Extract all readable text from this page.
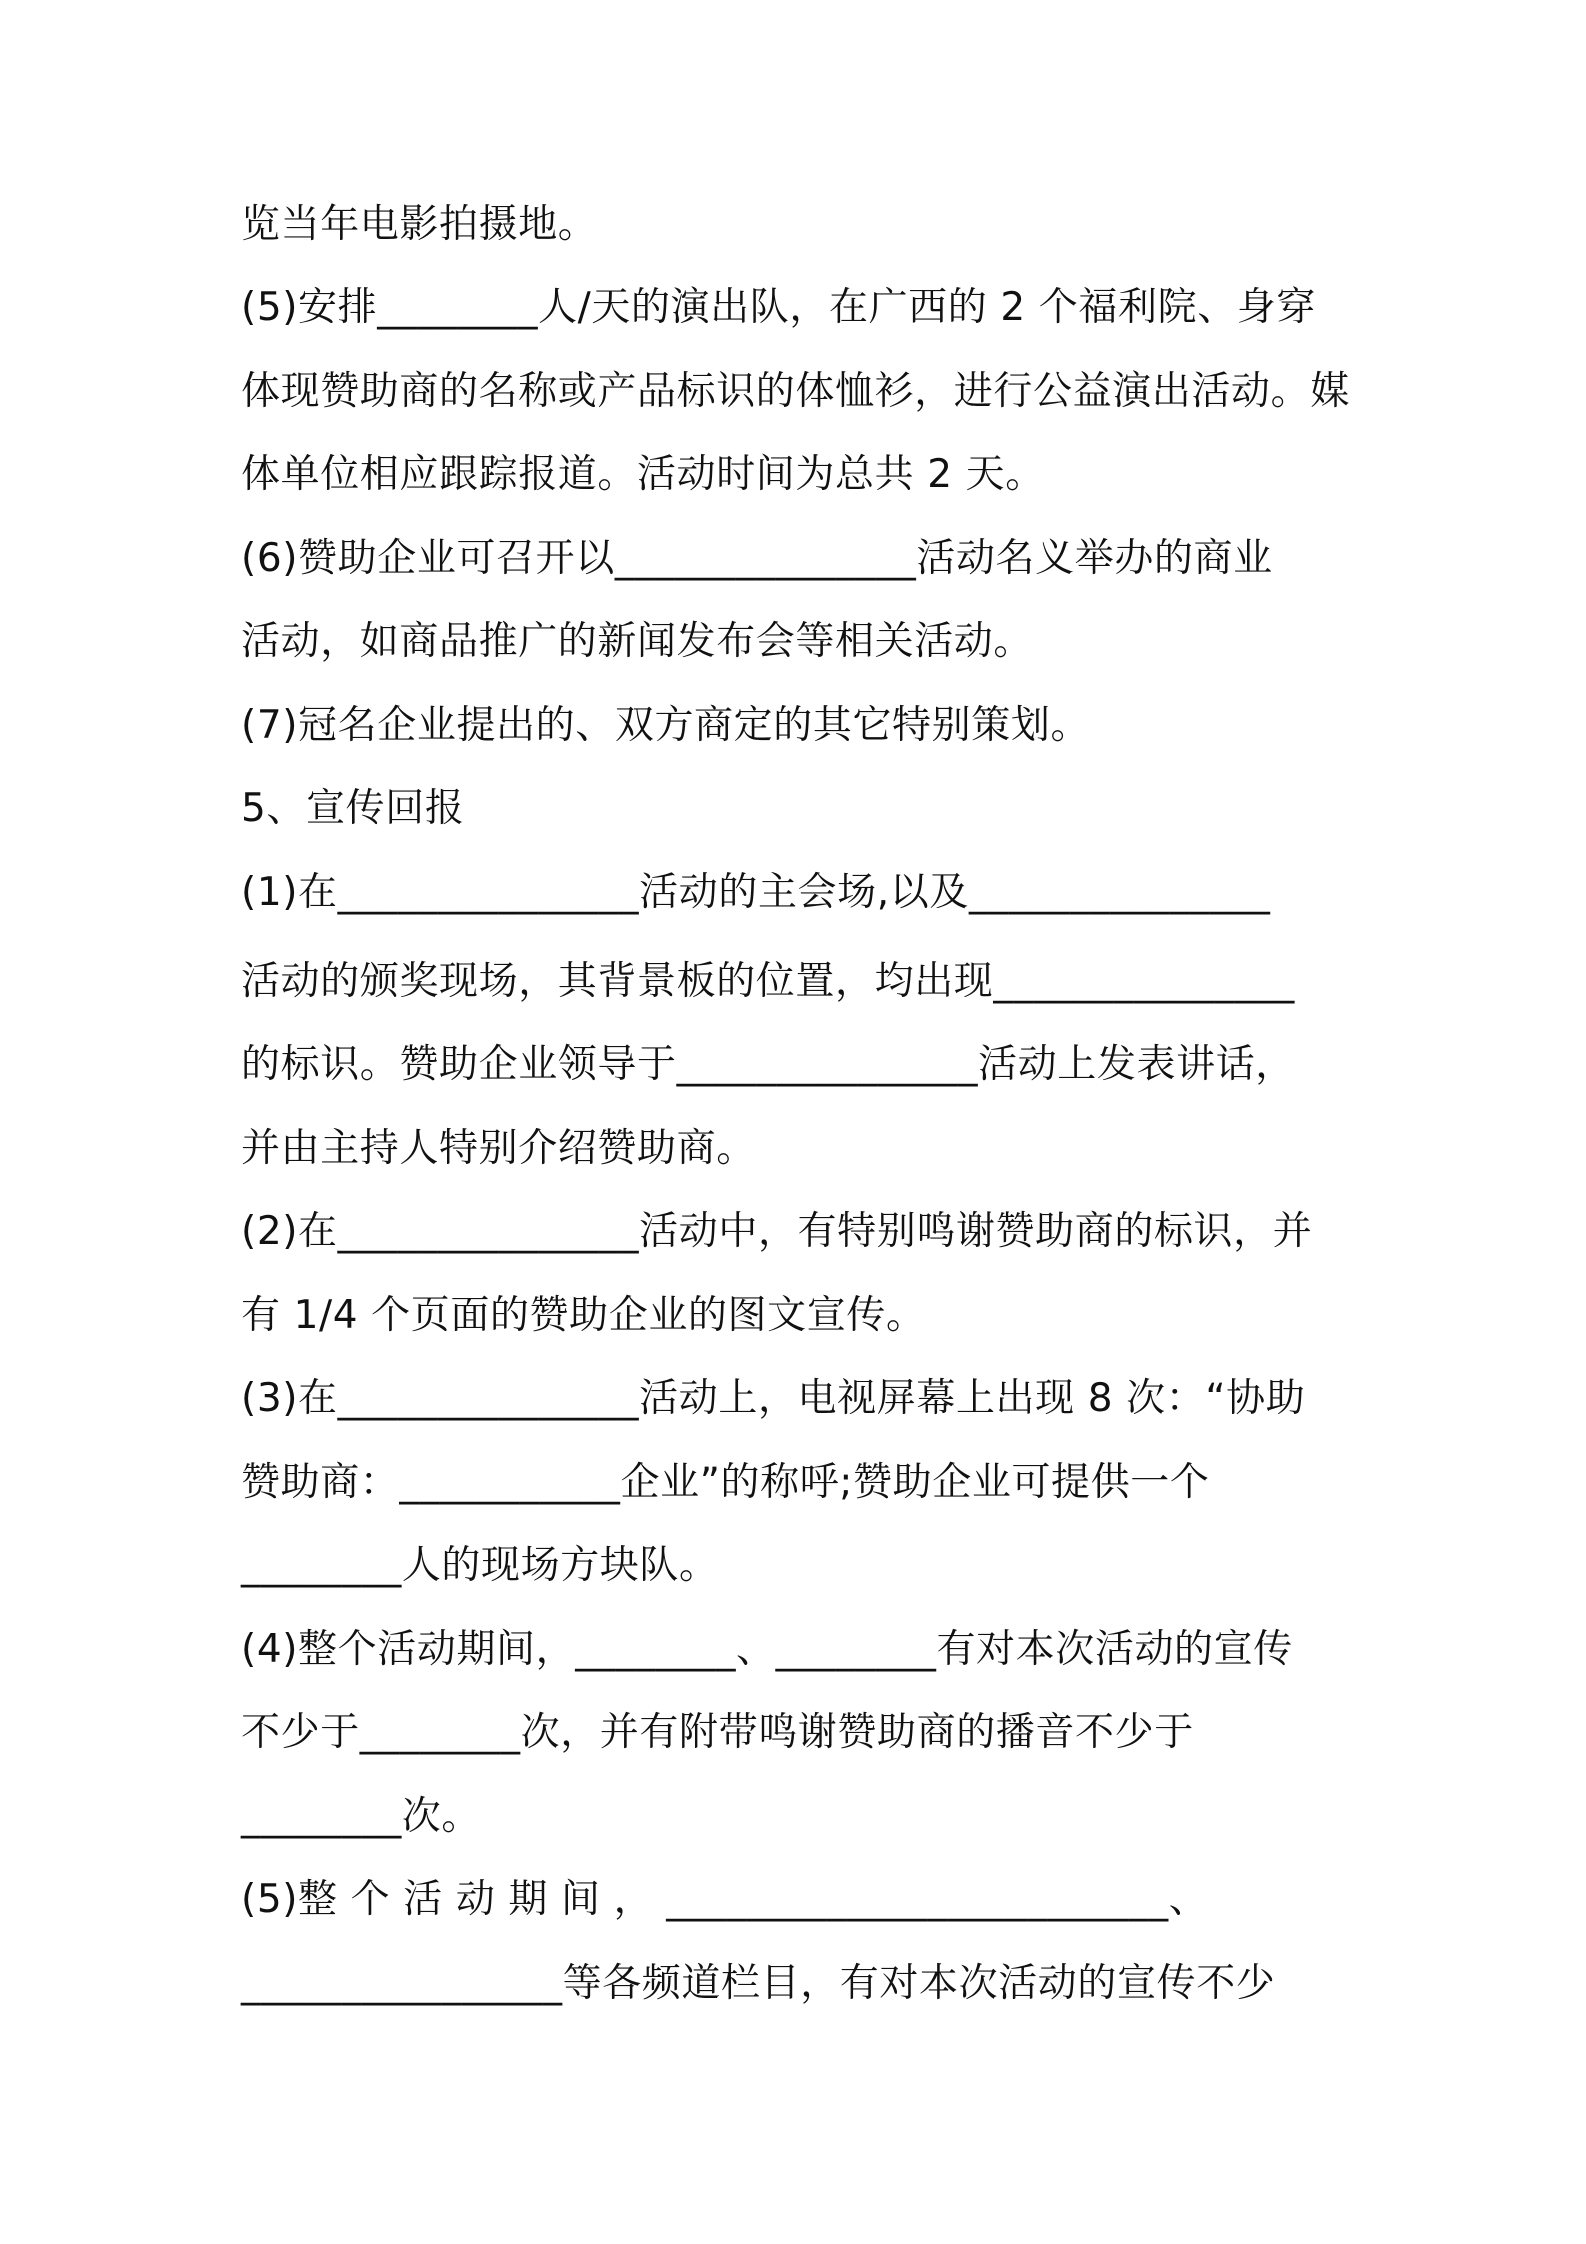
览当年电影拍摄地。
(5)安排________人/天的演出队，在广西的 2 个福利院、身穿
体现赞助商的名称或产品标识的体恤衫，进行公益演出活动。媒
体单位相应跟踪报道。活动时间为总共 2 天。
(6)赞助企业可召开以_______________活动名义举办的商业
活动，如商品推广的新闻发布会等相关活动。
(7)冠名企业提出的、双方商定的其它特别策划。
5、宣传回报
(1)在_______________活动的主会场,以及_______________
活动的颁奖现场，其背景板的位置，均出现_______________
的标识。赞助企业领导于_______________活动上发表讲话，
并由主持人特别介绍赞助商。
(2)在_______________活动中，有特别鸣谢赞助商的标识，并
有 1/4 个页面的赞助企业的图文宣传。
(3)在_______________活动上，电视屏幕上出现 8 次：“协助
赞助商：___________企业”的称呼;赞助企业可提供一个
________人的现场方块队。
(4)整个活动期间，________、________有对本次活动的宣传
不少于________次，并有附带鸣谢赞助商的播音不少于
________次。
(5)整 个 活 动 期 间 ， _________________________、
________________等各频道栏目，有对本次活动的宣传不少
